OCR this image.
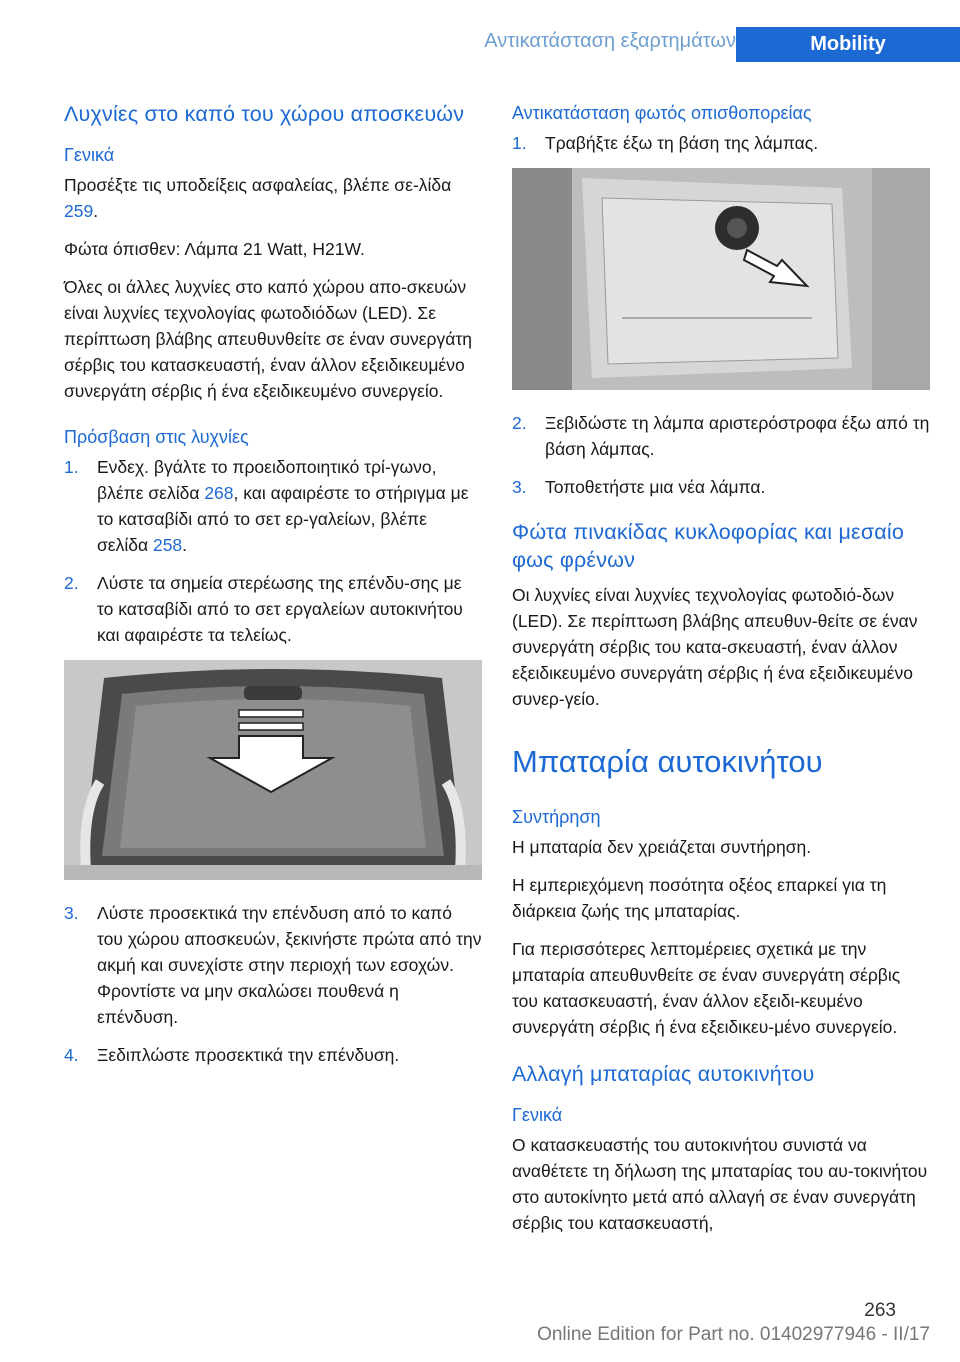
Αντικατάσταση εξαρτημάτων	Mobility
Λυχνίες στο καπό του χώρου αποσκευών
Γενικά

Προσέξτε τις υποδείξεις ασφαλείας, βλέπε σε-λίδα 259.

Φώτα όπισθεν: Λάμπα 21 Watt, H21W.

Όλες οι άλλες λυχνίες στο καπό χώρου απο-σκευών είναι λυχνίες τεχνολογίας φωτοδιόδων (LED). Σε περίπτωση βλάβης απευθυνθείτε σε έναν συνεργάτη σέρβις του κατασκευαστή, έναν άλλον εξειδικευμένο συνεργάτη σέρβις ή ένα εξειδικευμένο συνεργείο.

Πρόσβαση στις λυχνίες
1.	Ενδεχ. βγάλτε το προειδοποιητικό τρί-γωνο, βλέπε σελίδα 268, και αφαιρέστε το στήριγμα με το κατσαβίδι από το σετ ερ-γαλείων, βλέπε σελίδα 258.
2.	Λύστε τα σημεία στερέωσης της επένδυ-σης με το κατσαβίδι από το σετ εργαλείων αυτοκινήτου και αφαιρέστε τα τελείως.
3.	Λύστε προσεκτικά την επένδυση από το καπό του χώρου αποσκευών, ξεκινήστε πρώτα από την ακμή και συνεχίστε στην περιοχή των εσοχών. Φροντίστε να μην σκαλώσει πουθενά η επένδυση.
4.	Ξεδιπλώστε προσεκτικά την επένδυση.
Αντικατάσταση φωτός οπισθοπορείας
1.	Τραβήξτε έξω τη βάση της λάμπας.
2.	Ξεβιδώστε τη λάμπα αριστερόστροφα έξω από τη βάση λάμπας.
3.	Τοποθετήστε μια νέα λάμπα.
Φώτα πινακίδας κυκλοφορίας και μεσαίο φως φρένων

Οι λυχνίες είναι λυχνίες τεχνολογίας φωτοδιό-δων (LED). Σε περίπτωση βλάβης απευθυν-θείτε σε έναν συνεργάτη σέρβις του κατα-σκευαστή, έναν άλλον εξειδικευμένο συνεργάτη σέρβις ή ένα εξειδικευμένο συνερ-γείο.

Μπαταρία αυτοκινήτου
Συντήρηση

Η μπαταρία δεν χρειάζεται συντήρηση.

Η εμπεριεχόμενη ποσότητα οξέος επαρκεί για τη διάρκεια ζωής της μπαταρίας.

Για περισσότερες λεπτομέρειες σχετικά με την μπαταρία απευθυνθείτε σε έναν συνεργάτη σέρβις του κατασκευαστή, έναν άλλον εξειδι-κευμένο συνεργάτη σέρβις ή ένα εξειδικευ-μένο συνεργείο.

Αλλαγή μπαταρίας αυτοκινήτου
Γενικά

Ο κατασκευαστής του αυτοκινήτου συνιστά να αναθέτετε τη δήλωση της μπαταρίας του αυ-τοκινήτου στο αυτοκίνητο μετά από αλλαγή σε έναν συνεργάτη σέρβις του κατασκευαστή,

263
Online Edition for Part no. 01402977946 - II/17
